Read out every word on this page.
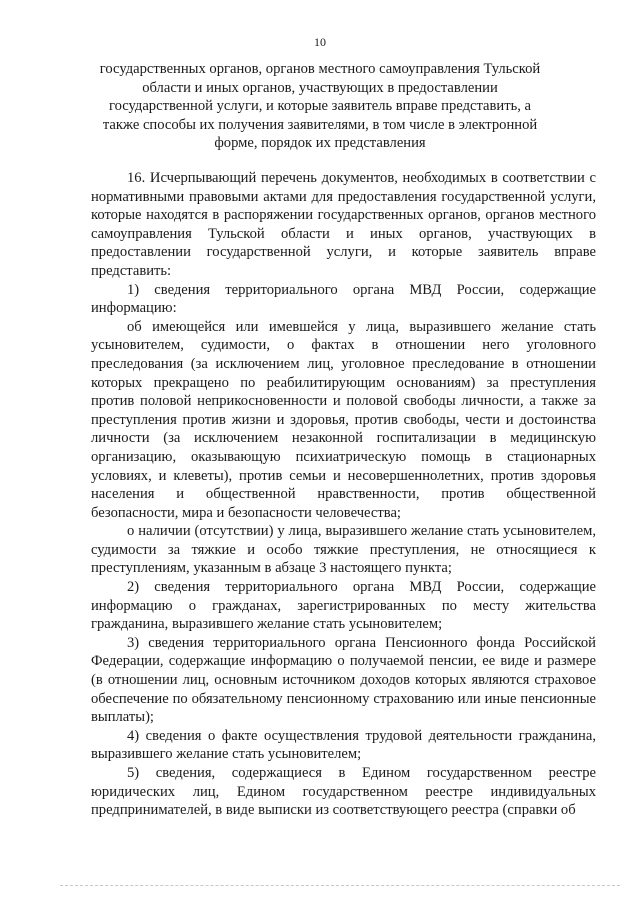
10
государственных органов, органов местного самоуправления Тульской области и иных органов, участвующих в предоставлении государственной услуги, и которые заявитель вправе представить, а также способы их получения заявителями, в том числе в электронной форме, порядок их представления

16. Исчерпывающий перечень документов, необходимых в соответствии с нормативными правовыми актами для предоставления государственной услуги, которые находятся в распоряжении государственных органов, органов местного самоуправления Тульской области и иных органов, участвующих в предоставлении государственной услуги, и которые заявитель вправе представить:

1) сведения территориального органа МВД России, содержащие информацию:

об имеющейся или имевшейся у лица, выразившего желание стать усыновителем, судимости, о фактах в отношении него уголовного преследования (за исключением лиц, уголовное преследование в отношении которых прекращено по реабилитирующим основаниям) за преступления против половой неприкосновенности и половой свободы личности, а также за преступления против жизни и здоровья, против свободы, чести и достоинства личности (за исключением незаконной госпитализации в медицинскую организацию, оказывающую психиатрическую помощь в стационарных условиях, и клеветы), против семьи и несовершеннолетних, против здоровья населения и общественной нравственности, против общественной безопасности, мира и безопасности человечества;

о наличии (отсутствии) у лица, выразившего желание стать усыновителем, судимости за тяжкие и особо тяжкие преступления, не относящиеся к преступлениям, указанным в абзаце 3 настоящего пункта;

2) сведения территориального органа МВД России, содержащие информацию о гражданах, зарегистрированных по месту жительства гражданина, выразившего желание стать усыновителем;

3) сведения территориального органа Пенсионного фонда Российской Федерации, содержащие информацию о получаемой пенсии, ее виде и размере (в отношении лиц, основным источником доходов которых являются страховое обеспечение по обязательному пенсионному страхованию или иные пенсионные выплаты);

4) сведения о факте осуществления трудовой деятельности гражданина, выразившего желание стать усыновителем;

5) сведения, содержащиеся в Едином государственном реестре юридических лиц, Едином государственном реестре индивидуальных предпринимателей, в виде выписки из соответствующего реестра (справки об
